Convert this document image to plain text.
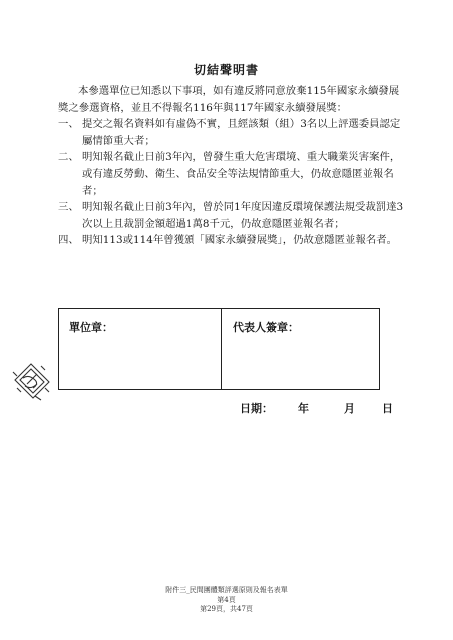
切結聲明書

本參選單位已知悉以下事項，如有違反將同意放棄115年國家永續發展獎之參選資格，並且不得報名116年與117年國家永續發展獎：

一、 提交之報名資料如有虛偽不實，且經該類（組）3名以上評選委員認定屬情節重大者；
二、 明知報名截止日前3年內，曾發生重大危害環境、重大職業災害案件，或有違反勞動、衛生、食品安全等法規情節重大，仍故意隱匿並報名者；
三、 明知報名截止日前3年內，曾於同1年度因違反環境保護法規受裁罰達3次以上且裁罰金額超過1萬8千元，仍故意隱匿並報名者；
四、 明知113或114年曾獲頒「國家永續發展獎」，仍故意隱匿並報名者。
單位章：	代表人簽章：
日期： 年	月 日
附件三_民間團體類評選原則及報名表單
第4頁
第29頁，共47頁
